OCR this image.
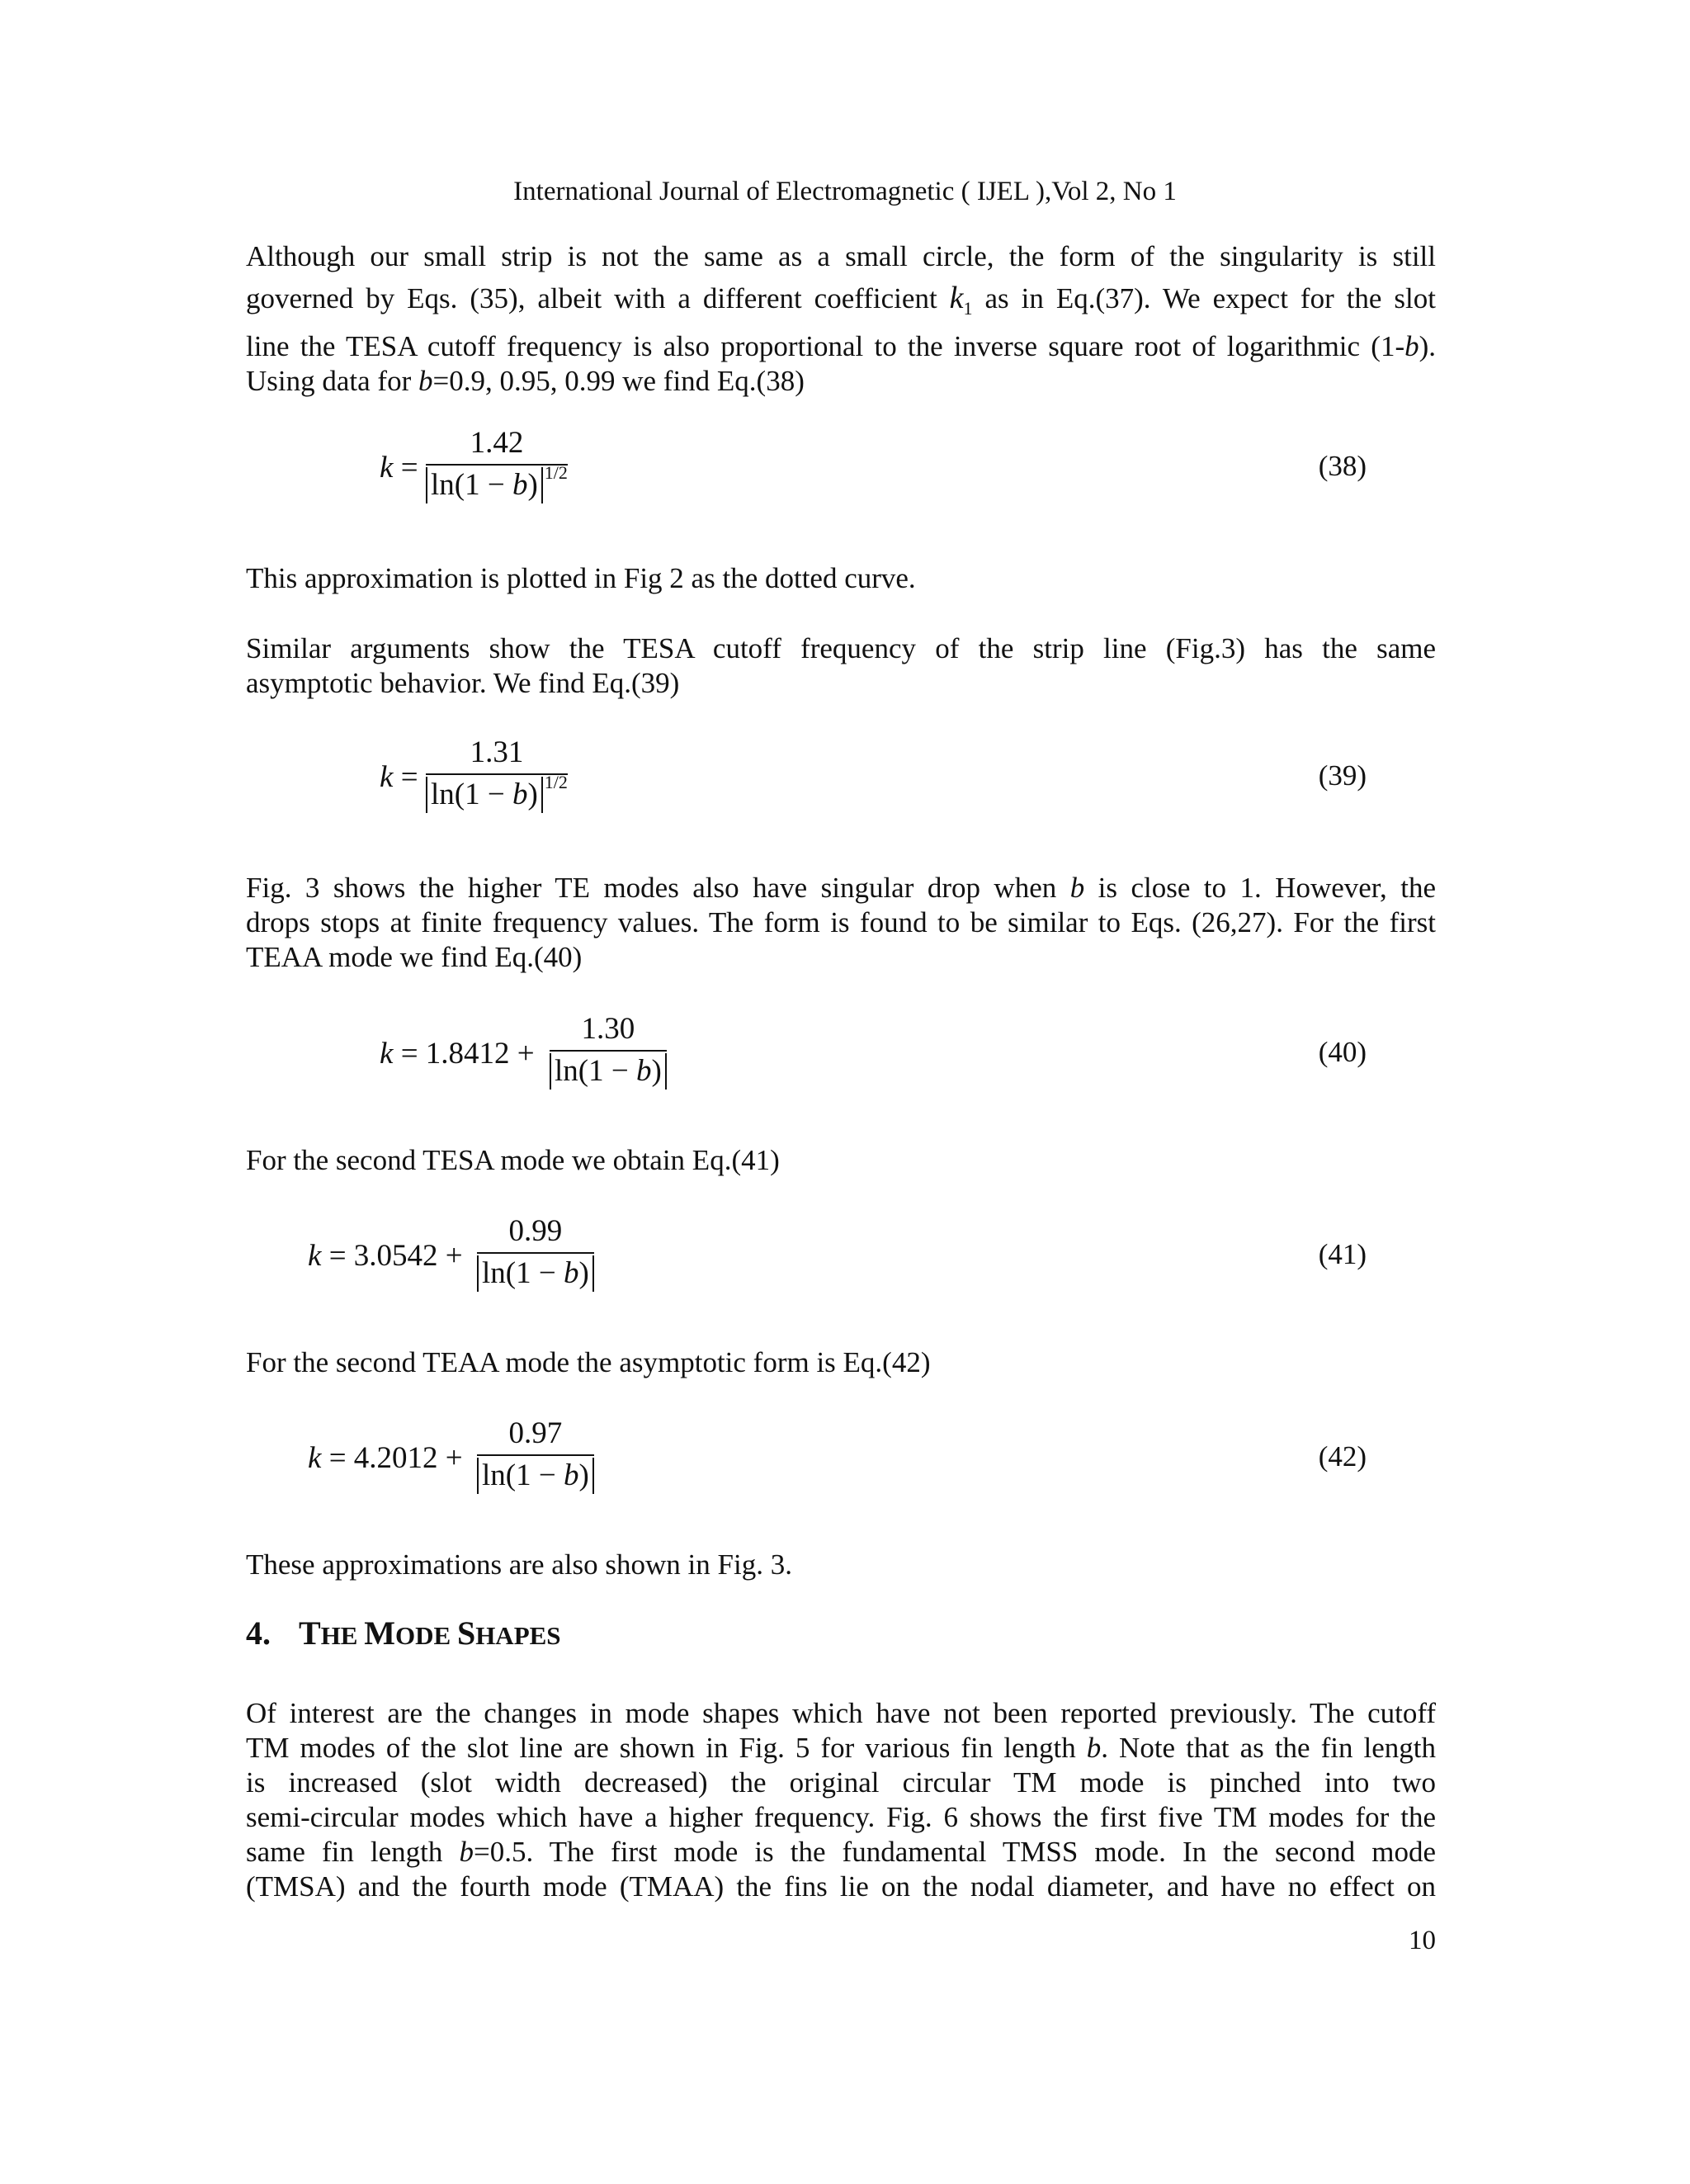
International Journal of Electromagnetic ( IJEL ),Vol 2, No 1
Although our small strip is not the same as a small circle, the form of the singularity is still
governed by Eqs. (35), albeit with a different coefficient $k_1$ as in Eq.(37). We expect for the slot
line the TESA cutoff frequency is also proportional to the inverse square root of logarithmic (1-b).
Using data for b=0.9, 0.95, 0.99 we find Eq.(38)
$k = \frac{1.42}{\ln(1 - b) ^{1/2}}$	(38)
This approximation is plotted in Fig 2 as the dotted curve.
Similar arguments show the TESA cutoff frequency of the strip line (Fig.3) has the same
asymptotic behavior. We find Eq.(39)
$k = \frac{1.31}{\ln(1 - b) ^{1/2}}$	(39)
Fig. 3 shows the higher TE modes also have singular drop when b is close to 1. However, the
drops stops at finite frequency values. The form is found to be similar to Eqs. (26,27). For the first
TEAA mode we find Eq.(40)
$k = 1.8412 + \frac{1.30}{\ln(1 - b)}$	(40)
For the second TESA mode we obtain Eq.(41)
$k = 3.0542 + \frac{0.99}{\ln(1 - b)}$	(41)
For the second TEAA mode the asymptotic form is Eq.(42)
$k = 4.2012 + \frac{0.97}{\ln(1 - b)}$	(42)
These approximations are also shown in Fig. 3.
4. THE MODE SHAPES
Of interest are the changes in mode shapes which have not been reported previously. The cutoff
TM modes of the slot line are shown in Fig. 5 for various fin length b. Note that as the fin length
is increased (slot width decreased) the original circular TM mode is pinched into two
semi-circular modes which have a higher frequency. Fig. 6 shows the first five TM modes for the
same fin length b=0.5. The first mode is the fundamental TMSS mode. In the second mode
(TMSA) and the fourth mode (TMAA) the fins lie on the nodal diameter, and have no effect on
10
